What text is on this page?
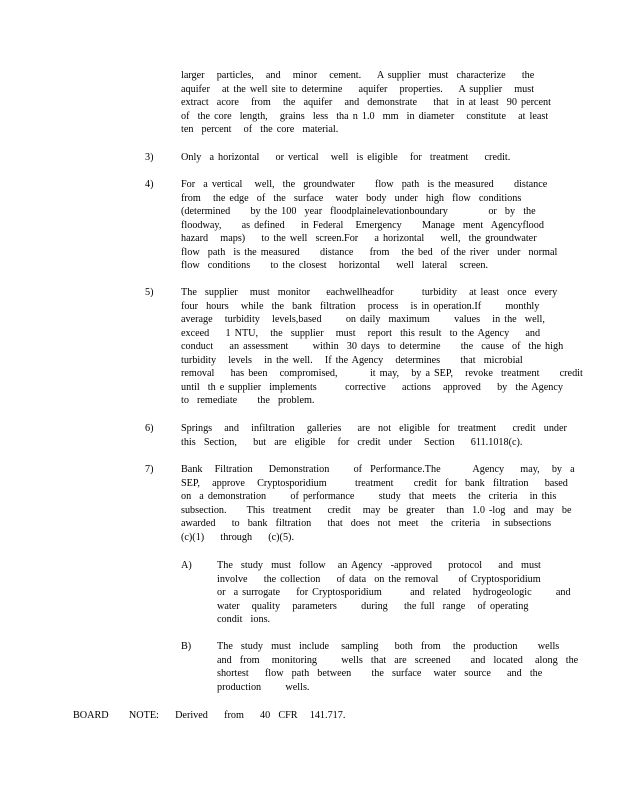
larger   particles,   and   minor   cement.    A supplier  must  characterize    the
aquifer   at the well site to determine    aquifer   properties.    A supplier   must
extract  acore   from   the  aquifer   and  demonstrate    that  in at least  90 percent
of  the core  length,   grains  less  tha n 1.0  mm  in diameter   constitute   at least
ten  percent   of  the core  material.
3)	Only  a horizontal    or vertical   well  is eligible   for  treatment    credit.
4)	For  a vertical   well,  the  groundwater     flow  path  is the measured     distance
from   the edge  of  the  surface   water  body  under  high  flow  conditions
(determined     by the 100  year  floodplainelevationboundary          or  by  the
floodway,     as defined    in Federal   Emergency     Manage  ment  Agencyflood
hazard   maps)    to the well  screen.For    a horizontal    well,  the groundwater
flow  path  is the measured     distance    from   the bed  of the river  under  normal
flow  conditions     to the closest   horizontal    well  lateral   screen.
5)	The  supplier   must  monitor    eachwellheadfor       turbidity   at least  once  every
four  hours   while  the  bank  filtration   process   is in operation.If      monthly
average   turbidity   levels,based      on daily  maximum      values   in the  well,
exceed    1 NTU,   the  supplier   must   report  this result  to the Agency    and
conduct    an assessment      within  30 days  to determine     the  cause  of  the high
turbidity   levels   in the well.   If the Agency   determines     that  microbial
removal    has been   compromised,        it may,   by a SEP,   revoke  treatment     credit
until  th e supplier  implements       corrective    actions   approved    by  the Agency
to  remediate     the  problem.
6)	Springs   and   infiltration   galleries    are  not  eligible  for  treatment    credit  under
this  Section,    but  are  eligible   for  credit  under   Section    611.1018(c).
7)	Bank   Filtration    Demonstration      of  Performance.The        Agency    may,   by  a
SEP,   approve   Cryptosporidium       treatment     credit  for  bank  filtration    based
on  a demonstration      of performance      study  that  meets   the  criteria   in this
subsection.     This  treatment    credit   may  be  greater   than  1.0 -log  and  may  be
awarded    to  bank  filtration    that  does  not  meet   the  criteria   in subsections
(c)(1)    through    (c)(5).
A) The  study  must  follow   an Agency  -approved    protocol    and  must
involve    the collection    of data  on the removal     of Cryptosporidium
or  a surrogate    for Cryptosporidium       and  related   hydrogeologic      and
water   quality   parameters      during    the full  range   of operating
condit  ions.
B)	The  study  must  include   sampling    both  from   the  production     wells
and  from   monitoring      wells  that  are  screened     and  located   along  the
shortest    flow  path  between     the  surface   water  source    and  the
production      wells.
BOARD     NOTE:    Derived    from    40  CFR   141.717.
